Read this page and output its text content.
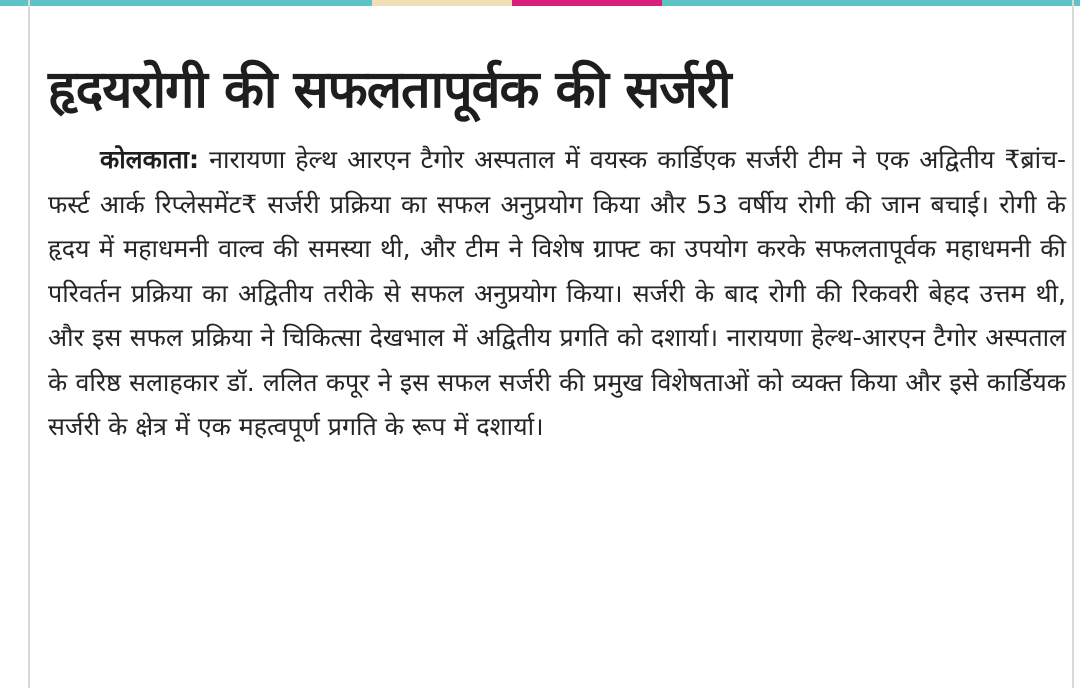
हृदयरोगी की सफलतापूर्वक की सर्जरी

कोलकाता: नारायणा हेल्थ आरएन टैगोर अस्पताल में वयस्क कार्डिएक सर्जरी टीम ने एक अद्वितीय ₹ब्रांच-फर्स्ट आर्क रिप्लेसमेंट₹ सर्जरी प्रक्रिया का सफल अनुप्रयोग किया और 53 वर्षीय रोगी की जान बचाई। रोगी के हृदय में महाधमनी वाल्व की समस्या थी, और टीम ने विशेष ग्राफ्ट का उपयोग करके सफलतापूर्वक महाधमनी की परिवर्तन प्रक्रिया का अद्वितीय तरीके से सफल अनुप्रयोग किया। सर्जरी के बाद रोगी की रिकवरी बेहद उत्तम थी, और इस सफल प्रक्रिया ने चिकित्सा देखभाल में अद्वितीय प्रगति को दशार्या। नारायणा हेल्थ-आरएन टैगोर अस्पताल के वरिष्ठ सलाहकार डॉ. ललित कपूर ने इस सफल सर्जरी की प्रमुख विशेषताओं को व्यक्त किया और इसे कार्डियक सर्जरी के क्षेत्र में एक महत्वपूर्ण प्रगति के रूप में दशार्या।
